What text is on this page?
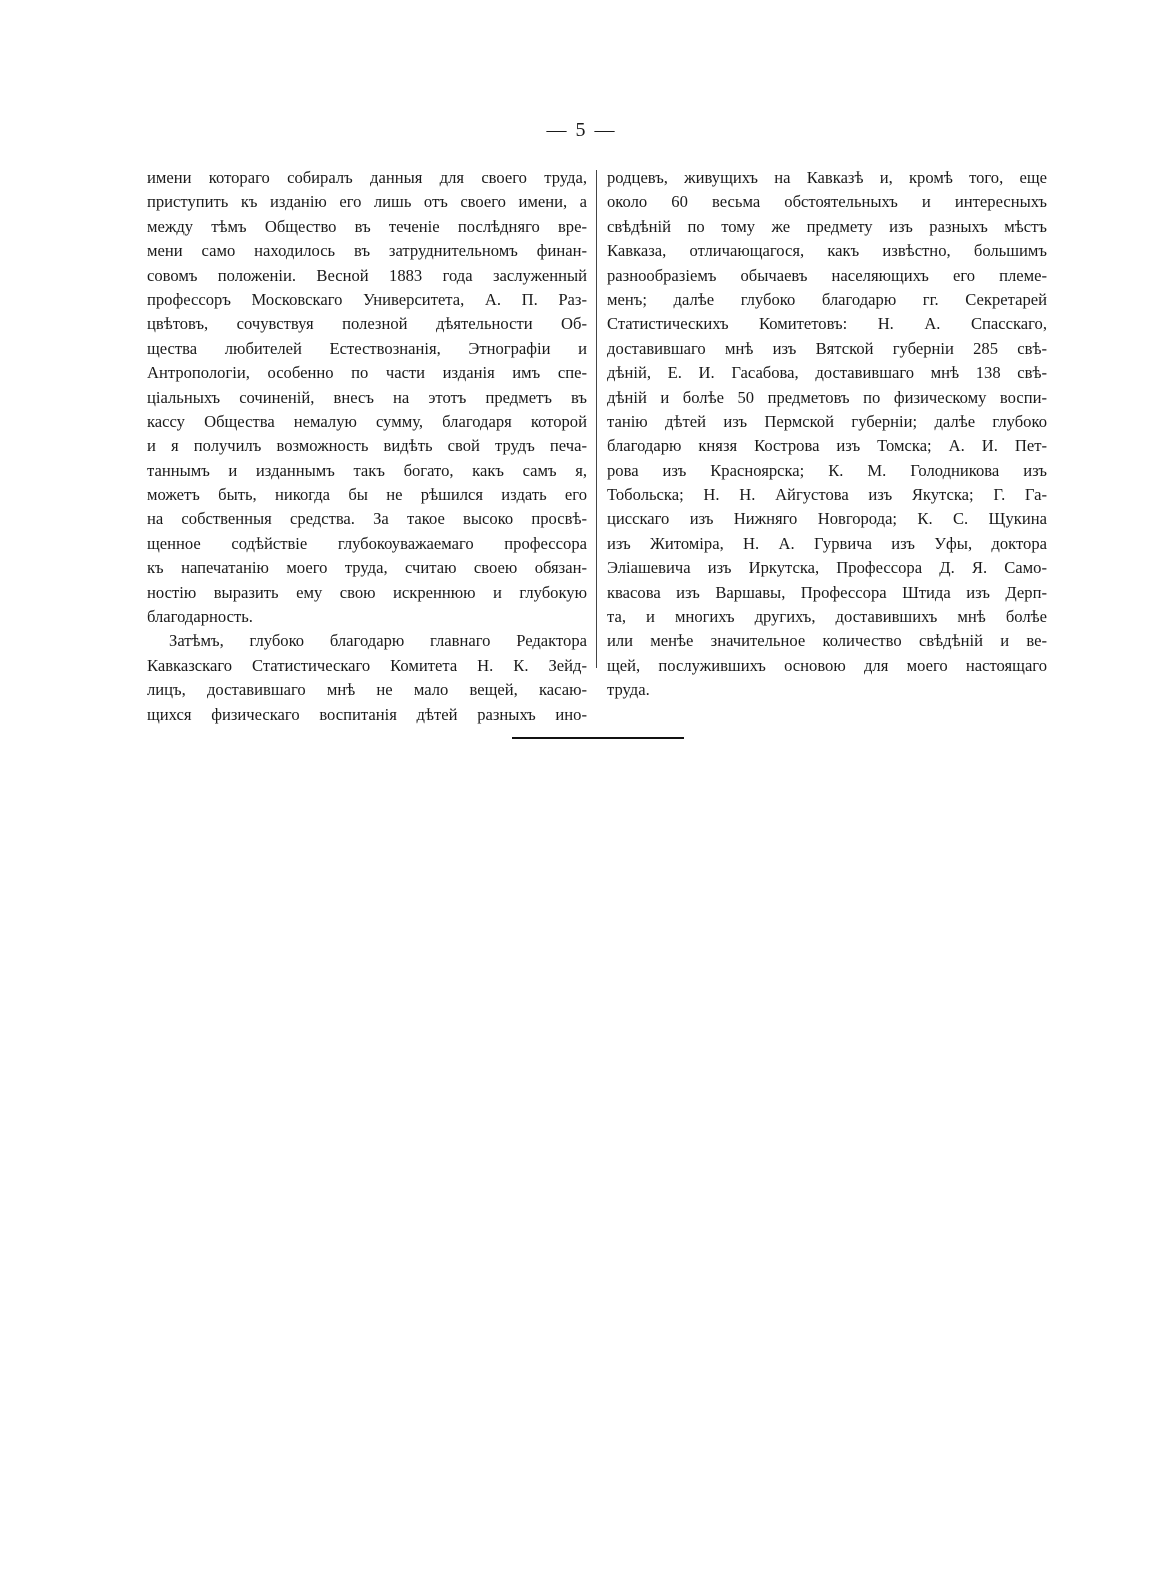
— 5 —
имени котораго собиралъ данныя для своего труда,
приступить къ изданію его лишь отъ своего имени, а
между тѣмъ Общество въ теченіе послѣдняго вре-
мени само находилось въ затруднительномъ финан-
совомъ положеніи. Весной 1883 года заслуженный
профессоръ Московскаго Университета, А. П. Раз-
цвѣтовъ, сочувствуя полезной дѣятельности Об-
щества любителей Естествознанія, Этнографіи и
Антропологіи, особенно по части изданія имъ спе-
ціальныхъ сочиненій, внесъ на этотъ предметъ въ
кассу Общества немалую сумму, благодаря которой
и я получилъ возможность видѣть свой трудъ печа-
таннымъ и изданнымъ такъ богато, какъ самъ я,
можетъ быть, никогда бы не рѣшился издать его
на собственныя средства. За такое высоко просвѣ-
щенное содѣйствіе глубокоуважаемаго профессора
къ напечатанію моего труда, считаю своею обязан-
ностію выразить ему свою искреннюю и глубокую
благодарность.
Затѣмъ, глубоко благодарю главнаго Редактора
Кавказскаго Статистическаго Комитета Н. К. Зейд-
лицъ, доставившаго мнѣ не мало вещей, касаю-
щихся физическаго воспитанія дѣтей разныхъ ино-
родцевъ, живущихъ на Кавказѣ и, кромѣ того, еще
около 60 весьма обстоятельныхъ и интересныхъ
свѣдѣній по тому же предмету изъ разныхъ мѣстъ
Кавказа, отличающагося, какъ извѣстно, большимъ
разнообразіемъ обычаевъ населяющихъ его племе-
менъ; далѣе глубоко благодарю гг. Секретарей
Статистическихъ Комитетовъ: Н. А. Спасскаго,
доставившаго мнѣ изъ Вятской губерніи 285 свѣ-
дѣній, Е. И. Гасабова, доставившаго мнѣ 138 свѣ-
дѣній и болѣе 50 предметовъ по физическому воспи-
танію дѣтей изъ Пермской губерніи; далѣе глубоко
благодарю князя Кострова изъ Томска; А. И. Пет-
рова изъ Красноярска; К. М. Голодникова изъ
Тобольска; Н. Н. Айгустова изъ Якутска; Г. Га-
цисскаго изъ Нижняго Новгорода; К. С. Щукина
изъ Житоміра, Н. А. Гурвича изъ Уфы, доктора
Эліашевича изъ Иркутска, Профессора Д. Я. Само-
квасова изъ Варшавы, Профессора Штида изъ Дерп-
та, и многихъ другихъ, доставившихъ мнѣ болѣе
или менѣе значительное количество свѣдѣній и ве-
щей, послужившихъ основою для моего настоящаго
труда.
